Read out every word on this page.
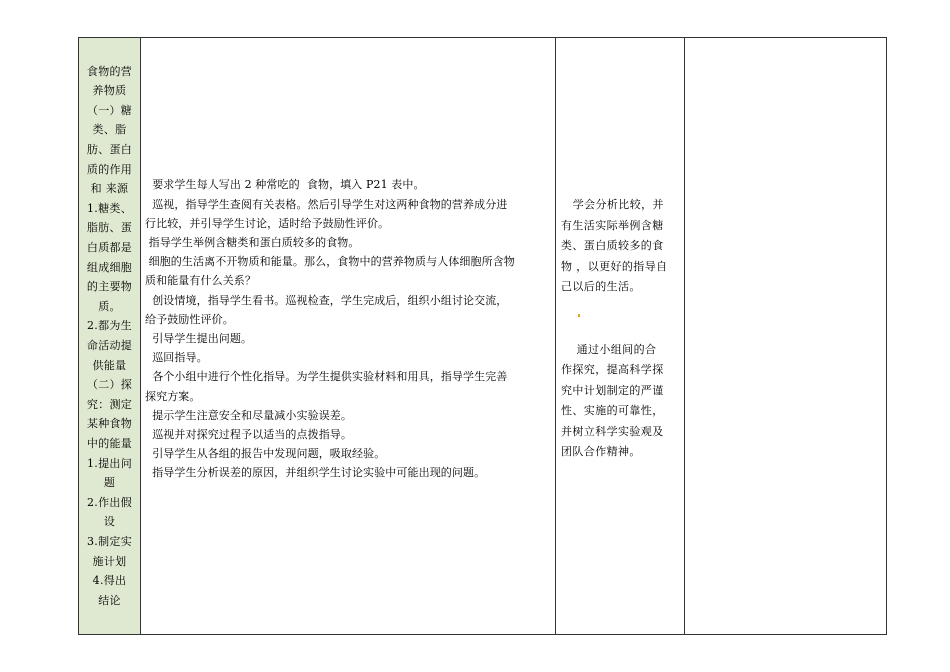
食物的营
养物质
（一）糖
类、脂
肪、蛋白
质的作用
和 来源
1.糖类、
脂肪、蛋
白质都是
组成细胞
的主要物
质。
2.都为生
命活动提
供能量
（二）探
究：测定
某种食物
中的能量
1.提出问
题
2.作出假
设
3.制定实
施计划
4.得出
结论

要求学生每人写出 2 种常吃的  食物，填入 P21 表中。
巡视，指导学生查阅有关表格。然后引导学生对这两种食物的营养成分进
行比较，并引导学生讨论，适时给予鼓励性评价。
指导学生举例含糖类和蛋白质较多的食物。
细胞的生活离不开物质和能量。那么，食物中的营养物质与人体细胞所含物
质和能量有什么关系？
创设情境，指导学生看书。巡视检查，学生完成后，组织小组讨论交流，
给予鼓励性评价。
引导学生提出问题。
巡回指导。
各个小组中进行个性化指导。为学生提供实验材料和用具，指导学生完善
探究方案。
提示学生注意安全和尽量减小实验误差。
巡视并对探究过程予以适当的点拨指导。
引导学生从各组的报告中发现问题，吸取经验。
指导学生分析误差的原因，并组织学生讨论实验中可能出现的问题。

学会分析比较，并
有生活实际举例含糖
类、蛋白质较多的食
物 ，以更好的指导自
己以后的生活。
通过小组间的合
作探究，提高科学探
究中计划制定的严谨
性、实施的可靠性，
并树立科学实验观及
团队合作精神。
